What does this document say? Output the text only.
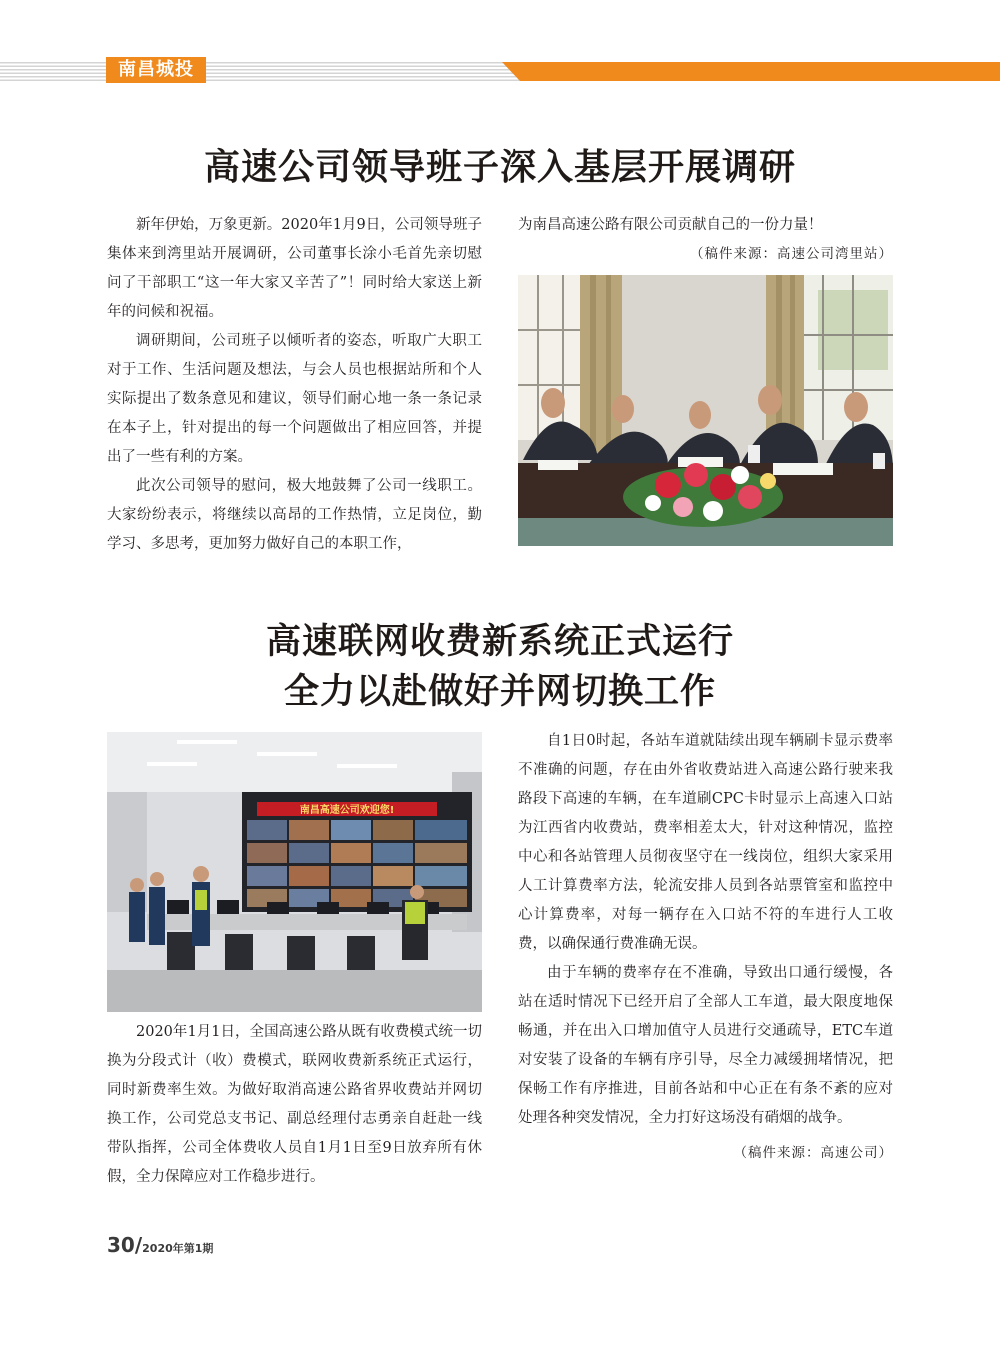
南昌城投
高速公司领导班子深入基层开展调研

新年伊始，万象更新。2020年1月9日，公司领导班子集体来到湾里站开展调研，公司董事长涂小毛首先亲切慰问了干部职工“这一年大家又辛苦了”！同时给大家送上新年的问候和祝福。

调研期间，公司班子以倾听者的姿态，听取广大职工对于工作、生活问题及想法，与会人员也根据站所和个人实际提出了数条意见和建议，领导们耐心地一条一条记录在本子上，针对提出的每一个问题做出了相应回答，并提出了一些有利的方案。

此次公司领导的慰问，极大地鼓舞了公司一线职工。大家纷纷表示，将继续以高昂的工作热情，立足岗位，勤学习、多思考，更加努力做好自己的本职工作，

为南昌高速公路有限公司贡献自己的一份力量！

（稿件来源：高速公司湾里站）

高速联网收费新系统正式运行
全力以赴做好并网切换工作
南昌高速公司欢迎您!

2020年1月1日，全国高速公路从既有收费模式统一切换为分段式计（收）费模式，联网收费新系统正式运行，同时新费率生效。为做好取消高速公路省界收费站并网切换工作，公司党总支书记、副总经理付志勇亲自赶赴一线带队指挥，公司全体费收人员自1月1日至9日放弃所有休假，全力保障应对工作稳步进行。

自1日0时起，各站车道就陆续出现车辆刷卡显示费率不准确的问题，存在由外省收费站进入高速公路行驶来我路段下高速的车辆，在车道刷CPC卡时显示上高速入口站为江西省内收费站，费率相差太大，针对这种情况，监控中心和各站管理人员彻夜坚守在一线岗位，组织大家采用人工计算费率方法，轮流安排人员到各站票管室和监控中心计算费率，对每一辆存在入口站不符的车进行人工收费，以确保通行费准确无误。

由于车辆的费率存在不准确，导致出口通行缓慢，各站在适时情况下已经开启了全部人工车道，最大限度地保畅通，并在出入口增加值守人员进行交通疏导，ETC车道对安装了设备的车辆有序引导，尽全力减缓拥堵情况，把保畅工作有序推进，目前各站和中心正在有条不紊的应对处理各种突发情况，全力打好这场没有硝烟的战争。

（稿件来源：高速公司）

30/2020年第1期
